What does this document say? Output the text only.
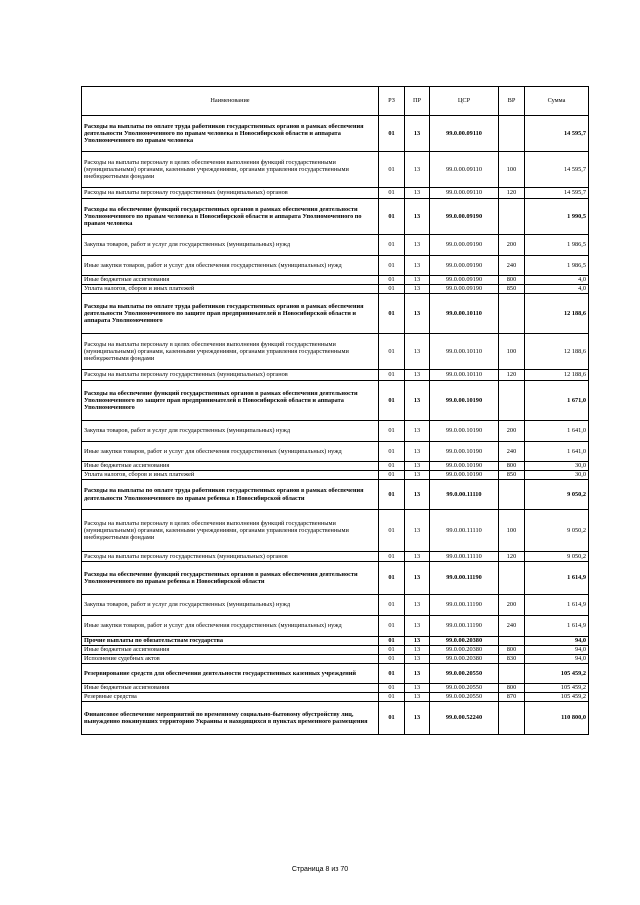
Наименование	РЗ	ПР	ЦСР	ВР	Сумма
Расходы на выплаты по оплате труда работников государственных органов в рамках обеспечения деятельности Уполномоченного по правам человека в Новосибирской области и аппарата Уполномоченного по правам человека	01	13	99.0.00.09110		14 595,7
Расходы на выплаты персоналу в целях обеспечения выполнения функций государственными (муниципальными) органами, казенными учреждениями, органами управления государственными внебюджетными фондами	01	13	99.0.00.09110	100	14 595,7
Расходы на выплаты персоналу государственных (муниципальных) органов	01	13	99.0.00.09110	120	14 595,7
Расходы на обеспечение функций государственных органов в рамках обеспечения деятельности Уполномоченного по правам человека в Новосибирской области и аппарата Уполномоченного по правам человека	01	13	99.0.00.09190		1 990,5
Закупка товаров, работ и услуг для государственных (муниципальных) нужд	01	13	99.0.00.09190	200	1 986,5
Иные закупки товаров, работ и услуг для обеспечения государственных (муниципальных) нужд	01	13	99.0.00.09190	240	1 986,5
Иные бюджетные ассигнования	01	13	99.0.00.09190	800	4,0
Уплата налогов, сборов и иных платежей	01	13	99.0.00.09190	850	4,0
Расходы на выплаты по оплате труда работников государственных органов в рамках обеспечения деятельности Уполномоченного по защите прав предпринимателей в Новосибирской области и аппарата Уполномоченного	01	13	99.0.00.10110		12 188,6
Расходы на выплаты персоналу в целях обеспечения выполнения функций государственными (муниципальными) органами, казенными учреждениями, органами управления государственными внебюджетными фондами	01	13	99.0.00.10110	100	12 188,6
Расходы на выплаты персоналу государственных (муниципальных) органов	01	13	99.0.00.10110	120	12 188,6
Расходы на обеспечение функций государственных органов в рамках обеспечения деятельности Уполномоченного по защите прав предпринимателей в Новосибирской области и аппарата Уполномоченного	01	13	99.0.00.10190		1 671,0
Закупка товаров, работ и услуг для государственных (муниципальных) нужд	01	13	99.0.00.10190	200	1 641,0
Иные закупки товаров, работ и услуг для обеспечения государственных (муниципальных) нужд	01	13	99.0.00.10190	240	1 641,0
Иные бюджетные ассигнования	01	13	99.0.00.10190	800	30,0
Уплата налогов, сборов и иных платежей	01	13	99.0.00.10190	850	30,0
Расходы на выплаты по оплате труда работников государственных органов в рамках обеспечения деятельности Уполномоченного по правам ребенка в Новосибирской области	01	13	99.0.00.11110		9 050,2
Расходы на выплаты персоналу в целях обеспечения выполнения функций государственными (муниципальными) органами, казенными учреждениями, органами управления государственными внебюджетными фондами	01	13	99.0.00.11110	100	9 050,2
Расходы на выплаты персоналу государственных (муниципальных) органов	01	13	99.0.00.11110	120	9 050,2
Расходы на обеспечение функций государственных органов в рамках обеспечения деятельности Уполномоченного по правам ребенка в Новосибирской области	01	13	99.0.00.11190		1 614,9
Закупка товаров, работ и услуг для государственных (муниципальных) нужд	01	13	99.0.00.11190	200	1 614,9
Иные закупки товаров, работ и услуг для обеспечения государственных (муниципальных) нужд	01	13	99.0.00.11190	240	1 614,9
Прочие выплаты по обязательствам государства	01	13	99.0.00.20380		94,0
Иные бюджетные ассигнования	01	13	99.0.00.20380	800	94,0
Исполнение судебных актов	01	13	99.0.00.20380	830	94,0
Резервирование средств для обеспечения деятельности государственных казенных учреждений	01	13	99.0.00.20550		105 459,2
Иные бюджетные ассигнования	01	13	99.0.00.20550	800	105 459,2
Резервные средства	01	13	99.0.00.20550	870	105 459,2
Финансовое обеспечение мероприятий по временному социально-бытовому обустройству лиц, вынужденно покинувших территорию Украины и находящихся в пунктах временного размещения	01	13	99.0.00.52240		110 800,0
Страница 8 из 70
